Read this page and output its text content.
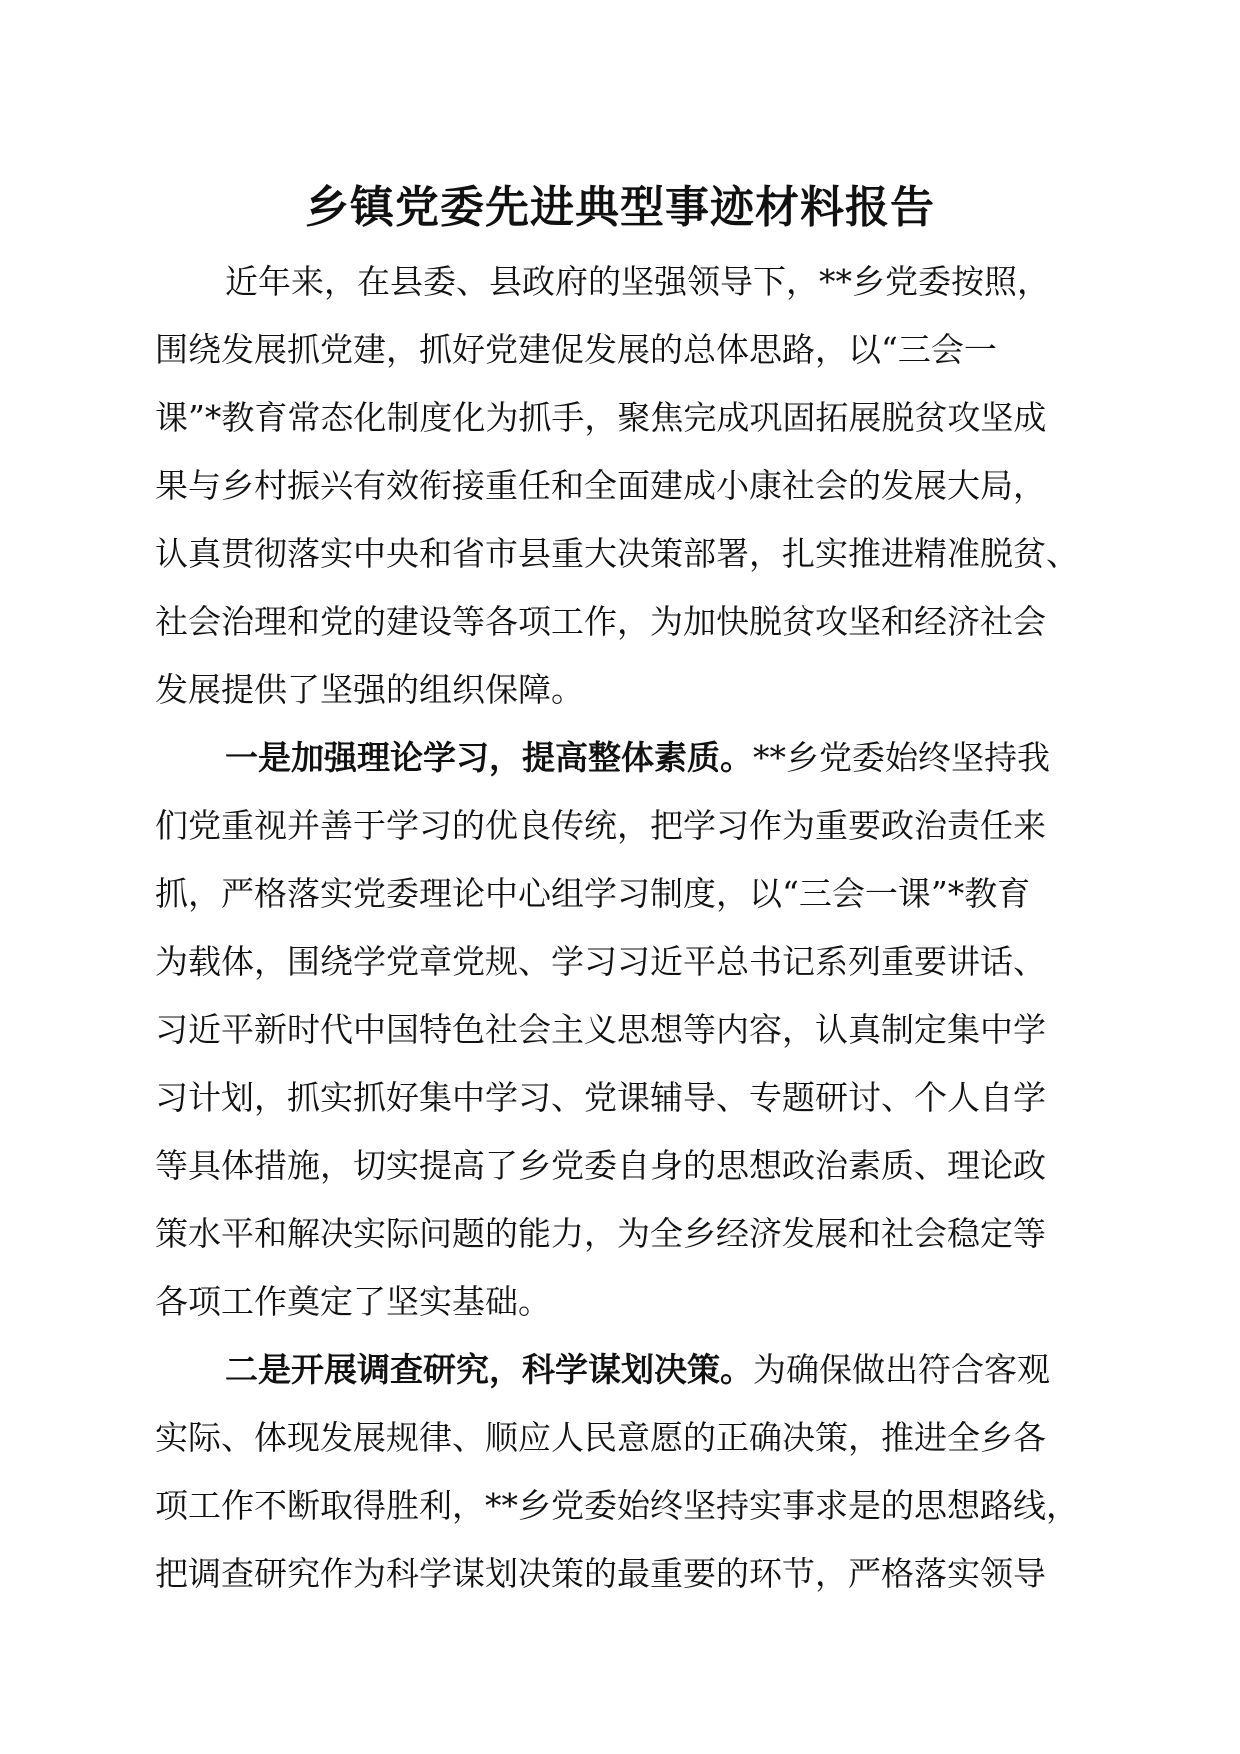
乡镇党委先进典型事迹材料报告
近年来，在县委、县政府的坚强领导下，**乡党委按照，
围绕发展抓党建，抓好党建促发展的总体思路，以“三会一
课”*教育常态化制度化为抓手，聚焦完成巩固拓展脱贫攻坚成
果与乡村振兴有效衔接重任和全面建成小康社会的发展大局，
认真贯彻落实中央和省市县重大决策部署，扎实推进精准脱贫、
社会治理和党的建设等各项工作，为加快脱贫攻坚和经济社会
发展提供了坚强的组织保障。
一是加强理论学习，提高整体素质。**乡党委始终坚持我
们党重视并善于学习的优良传统，把学习作为重要政治责任来
抓，严格落实党委理论中心组学习制度，以“三会一课”*教育
为载体，围绕学党章党规、学习习近平总书记系列重要讲话、
习近平新时代中国特色社会主义思想等内容，认真制定集中学
习计划，抓实抓好集中学习、党课辅导、专题研讨、个人自学
等具体措施，切实提高了乡党委自身的思想政治素质、理论政
策水平和解决实际问题的能力，为全乡经济发展和社会稳定等
各项工作奠定了坚实基础。
二是开展调查研究，科学谋划决策。为确保做出符合客观
实际、体现发展规律、顺应人民意愿的正确决策，推进全乡各
项工作不断取得胜利，**乡党委始终坚持实事求是的思想路线，
把调查研究作为科学谋划决策的最重要的环节，严格落实领导
